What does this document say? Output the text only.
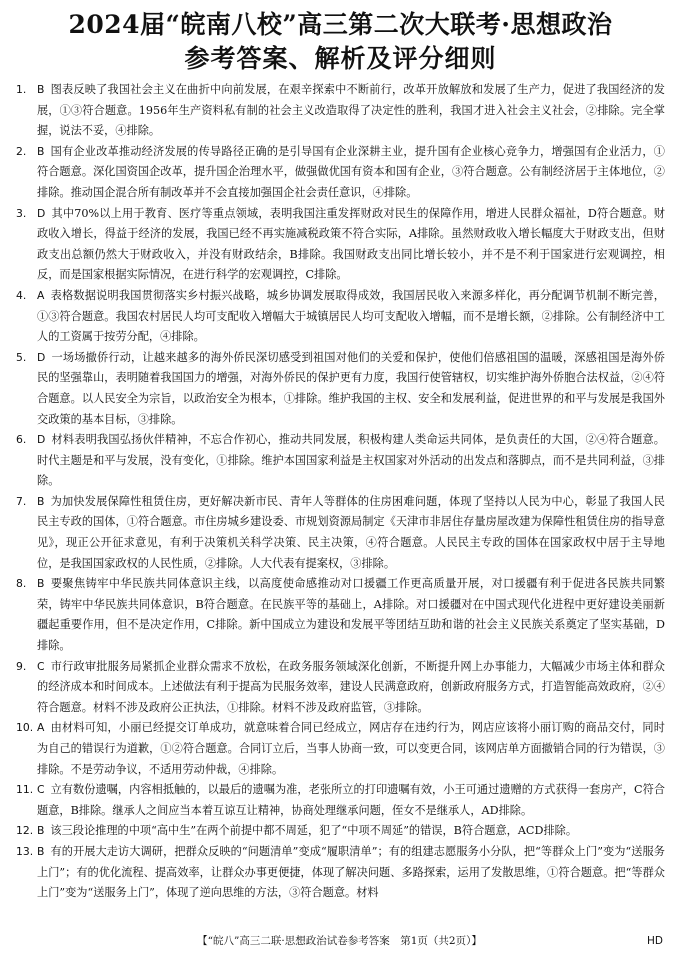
2024届“皖南八校”高三第二次大联考·思想政治
参考答案、解析及评分细则

1. B 图表反映了我国社会主义在曲折中向前发展，在艰辛探索中不断前行，改革开放解放和发展了生产力，促进了我国经济的发展，①③符合题意。1956年生产资料私有制的社会主义改造取得了决定性的胜利，我国才进入社会主义社会，②排除。完全掌握，说法不妥，④排除。

2. B 国有企业改革推动经济发展的传导路径正确的是引导国有企业深耕主业，提升国有企业核心竞争力，增强国有企业活力，①符合题意。深化国资国企改革，提升国企治理水平，做强做优国有资本和国有企业，③符合题意。公有制经济居于主体地位，②排除。推动国企混合所有制改革并不会直接加强国企社会责任意识，④排除。

3. D 其中70%以上用于教育、医疗等重点领域，表明我国注重发挥财政对民生的保障作用，增进人民群众福祉，D符合题意。财政收入增长，得益于经济的发展，我国已经不再实施减税政策不符合实际，A排除。虽然财政收入增长幅度大于财政支出，但财政支出总额仍然大于财政收入，并没有财政结余，B排除。我国财政支出同比增长较小，并不是不利于国家进行宏观调控，相反，而是国家根据实际情况，在进行科学的宏观调控，C排除。

4. A 表格数据说明我国贯彻落实乡村振兴战略，城乡协调发展取得成效，我国居民收入来源多样化，再分配调节机制不断完善，①③符合题意。我国农村居民人均可支配收入增幅大于城镇居民人均可支配收入增幅，而不是增长额，②排除。公有制经济中工人的工资属于按劳分配，④排除。

5. D 一场场撤侨行动，让越来越多的海外侨民深切感受到祖国对他们的关爱和保护，使他们倍感祖国的温暖，深感祖国是海外侨民的坚强靠山，表明随着我国国力的增强，对海外侨民的保护更有力度，我国行使管辖权，切实维护海外侨胞合法权益，②④符合题意。以人民安全为宗旨，以政治安全为根本，①排除。维护我国的主权、安全和发展利益，促进世界的和平与发展是我国外交政策的基本目标，③排除。

6. D 材料表明我国弘扬伙伴精神，不忘合作初心，推动共同发展，积极构建人类命运共同体，是负责任的大国，②④符合题意。时代主题是和平与发展，没有变化，①排除。维护本国国家利益是主权国家对外活动的出发点和落脚点，而不是共同利益，③排除。

7. B 为加快发展保障性租赁住房，更好解决新市民、青年人等群体的住房困难问题，体现了坚持以人民为中心，彰显了我国人民民主专政的国体，①符合题意。市住房城乡建设委、市规划资源局制定《天津市非居住存量房屋改建为保障性租赁住房的指导意见》，现正公开征求意见，有利于决策机关科学决策、民主决策，④符合题意。人民民主专政的国体在国家政权中居于主导地位，是我国国家政权的人民性质，②排除。人大代表有提案权，③排除。

8. B 要聚焦铸牢中华民族共同体意识主线，以高度使命感推动对口援疆工作更高质量开展，对口援疆有利于促进各民族共同繁荣，铸牢中华民族共同体意识，B符合题意。在民族平等的基础上，A排除。对口援疆对在中国式现代化进程中更好建设美丽新疆起重要作用，但不是决定作用，C排除。新中国成立为建设和发展平等团结互助和谐的社会主义民族关系奠定了坚实基础，D排除。

9. C 市行政审批服务局紧抓企业群众需求不放松，在政务服务领域深化创新，不断提升网上办事能力，大幅减少市场主体和群众的经济成本和时间成本。上述做法有利于提高为民服务效率，建设人民满意政府，创新政府服务方式，打造智能高效政府，②④符合题意。材料不涉及政府公正执法，①排除。材料不涉及政府监管，③排除。

10. A 由材料可知，小丽已经提交订单成功，就意味着合同已经成立，网店存在违约行为，网店应该将小丽订购的商品交付，同时为自己的错误行为道歉，①②符合题意。合同订立后，当事人协商一致，可以变更合同，该网店单方面撤销合同的行为错误，③排除。不是劳动争议，不适用劳动仲裁，④排除。

11. C 立有数份遗嘱，内容相抵触的，以最后的遗嘱为准，老张所立的打印遗嘱有效，小王可通过遗赠的方式获得一套房产，C符合题意，B排除。继承人之间应当本着互谅互让精神，协商处理继承问题，侄女不是继承人，AD排除。

12. B 该三段论推理的中项“高中生”在两个前提中都不周延，犯了“中项不周延”的错误，B符合题意，ACD排除。

13. B 有的开展大走访大调研，把群众反映的“问题清单”变成“履职清单”；有的组建志愿服务小分队，把“等群众上门”变为“送服务上门”；有的优化流程、提高效率，让群众办事更便捷，体现了解决问题、多路探索，运用了发散思维，①符合题意。把“等群众上门”变为“送服务上门”，体现了逆向思维的方法，③符合题意。材料

【“皖八”高三二联·思想政治试卷参考答案　第1页（共2页）】	HD
